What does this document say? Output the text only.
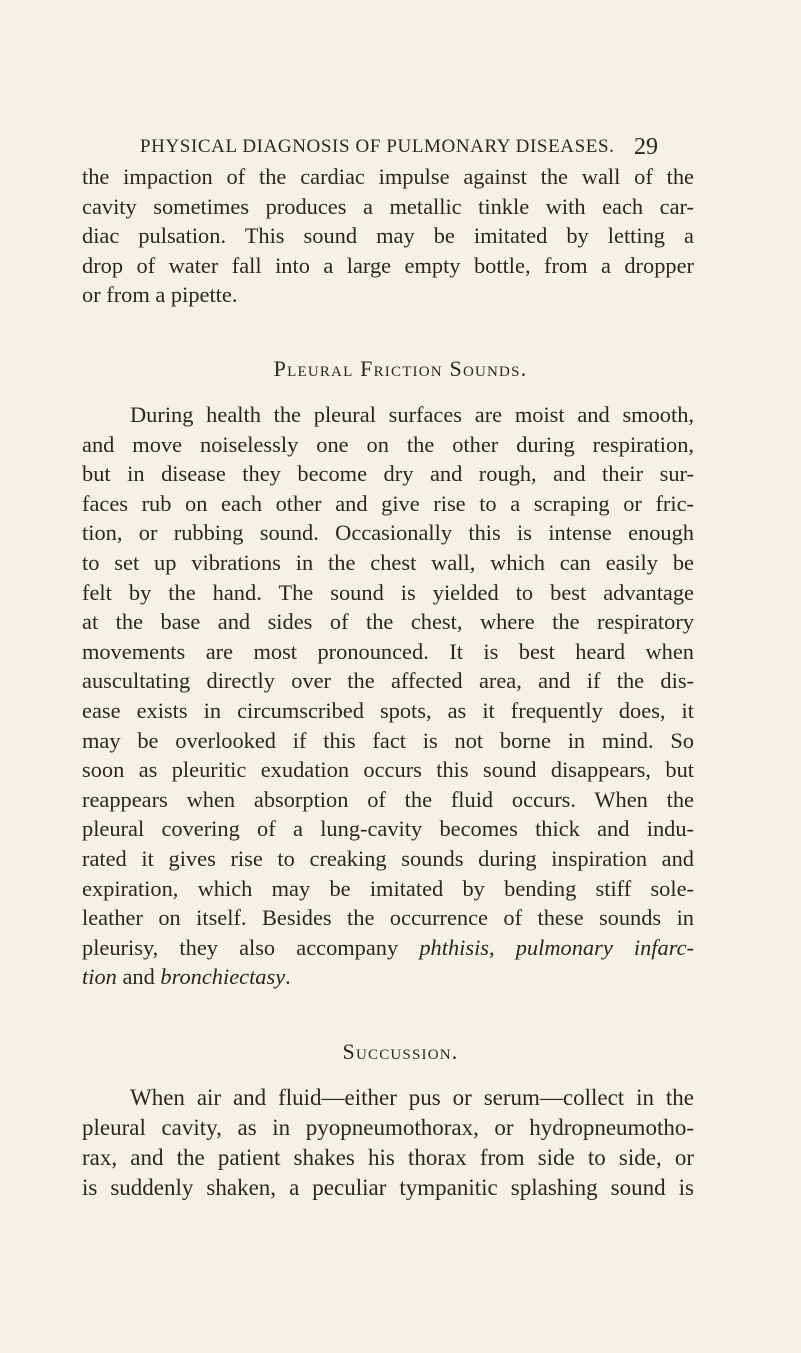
PHYSICAL DIAGNOSIS OF PULMONARY DISEASES. 29
the impaction of the cardiac impulse against the wall of the
cavity sometimes produces a metallic tinkle with each car-
diac pulsation. This sound may be imitated by letting a
drop of water fall into a large empty bottle, from a dropper
or from a pipette.
Pleural Friction Sounds.
During health the pleural surfaces are moist and smooth,
and move noiselessly one on the other during respiration,
but in disease they become dry and rough, and their sur-
faces rub on each other and give rise to a scraping or fric-
tion, or rubbing sound. Occasionally this is intense enough
to set up vibrations in the chest wall, which can easily be
felt by the hand. The sound is yielded to best advantage
at the base and sides of the chest, where the respiratory
movements are most pronounced. It is best heard when
auscultating directly over the affected area, and if the dis-
ease exists in circumscribed spots, as it frequently does, it
may be overlooked if this fact is not borne in mind. So
soon as pleuritic exudation occurs this sound disappears, but
reappears when absorption of the fluid occurs. When the
pleural covering of a lung-cavity becomes thick and indu-
rated it gives rise to creaking sounds during inspiration and
expiration, which may be imitated by bending stiff sole-
leather on itself. Besides the occurrence of these sounds in
pleurisy, they also accompany phthisis, pulmonary infarc-
tion and bronchiectasy.
Succussion.
When air and fluid—either pus or serum—collect in the
pleural cavity, as in pyopneumothorax, or hydropneumotho-
rax, and the patient shakes his thorax from side to side, or
is suddenly shaken, a peculiar tympanitic splashing sound is
